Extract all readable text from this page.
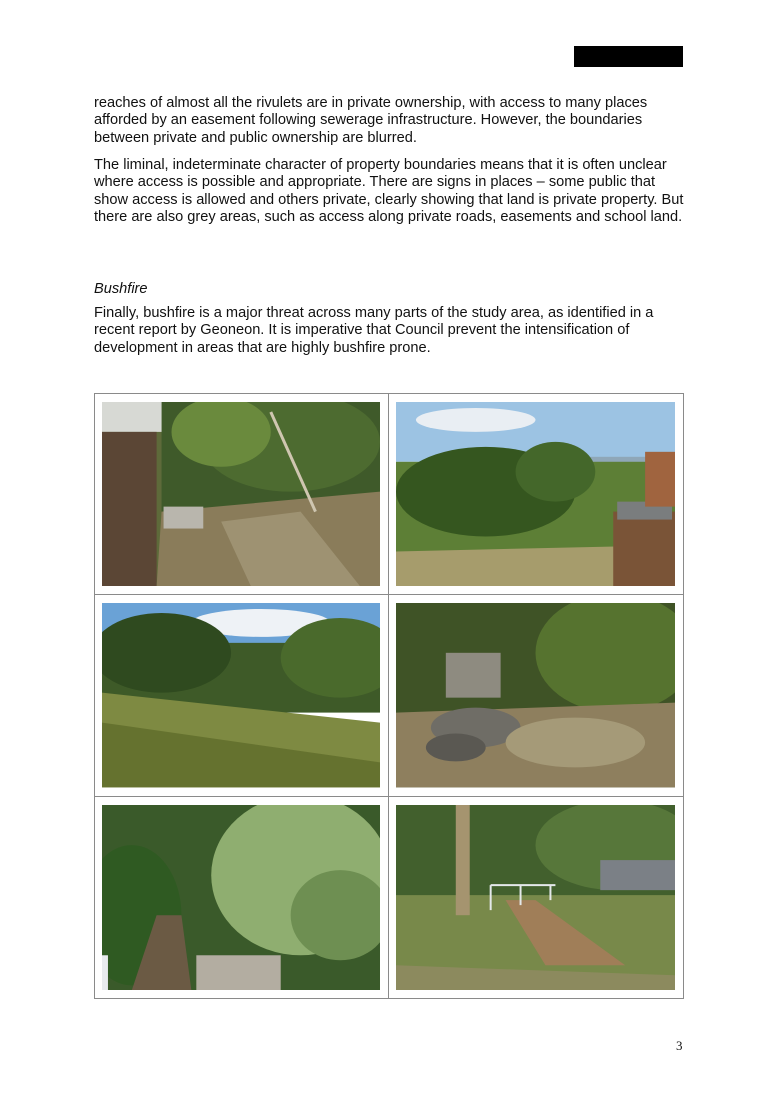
reaches of almost all the rivulets are in private ownership, with access to many places afforded by an easement following sewerage infrastructure. However, the boundaries between private and public ownership are blurred.

The liminal, indeterminate character of property boundaries means that it is often unclear where access is possible and appropriate. There are signs in places – some public that show access is allowed and others private, clearly showing that land is private property. But there are also grey areas, such as access along private roads, easements and school land.

Bushfire

Finally, bushfire is a major threat across many parts of the study area, as identified in a recent report by Geoneon. It is imperative that Council prevent the intensification of development in areas that are highly bushfire prone.

3
